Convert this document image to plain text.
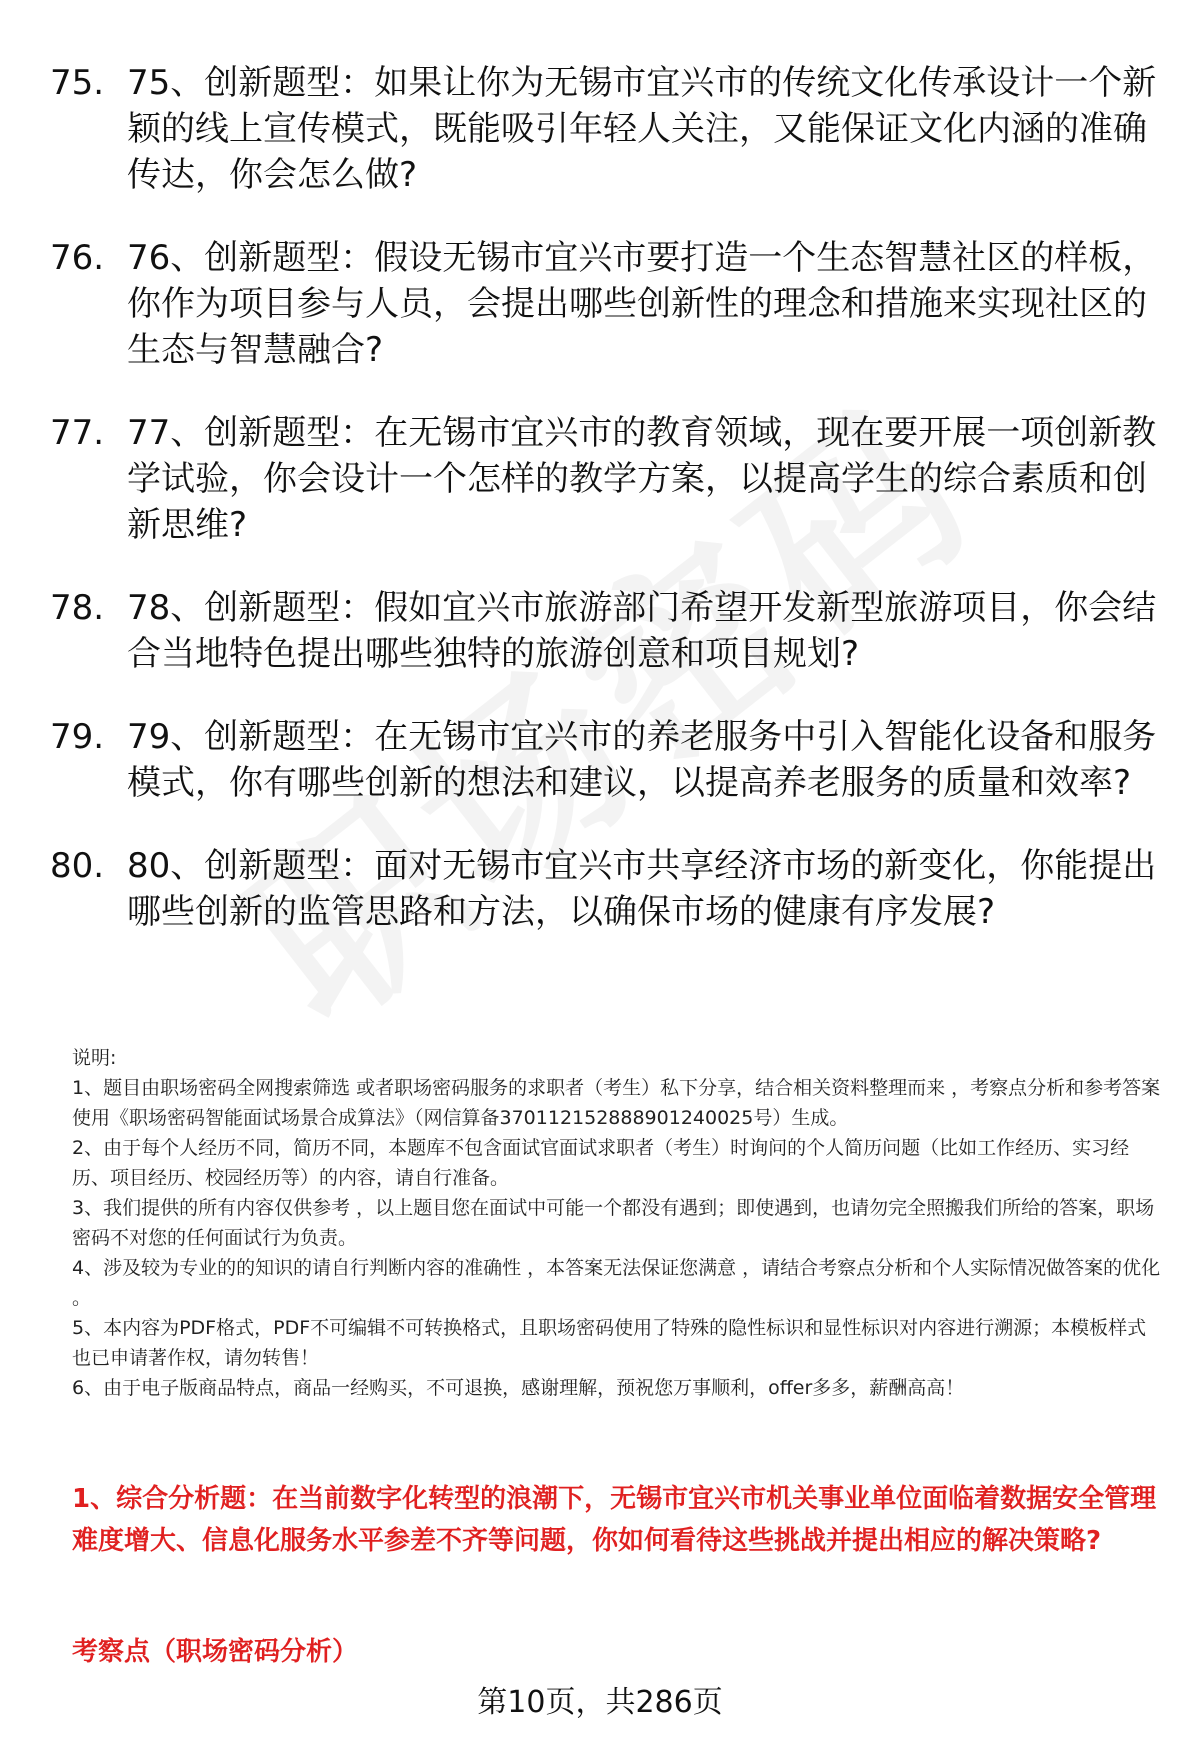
75. 75、创新题型：如果让你为无锡市宜兴市的传统文化传承设计一个新颖的线上宣传模式，既能吸引年轻人关注，又能保证文化内涵的准确传达，你会怎么做?
76. 76、创新题型：假设无锡市宜兴市要打造一个生态智慧社区的样板，你作为项目参与人员，会提出哪些创新性的理念和措施来实现社区的生态与智慧融合?
77. 77、创新题型：在无锡市宜兴市的教育领域，现在要开展一项创新教学试验，你会设计一个怎样的教学方案，以提高学生的综合素质和创新思维?
78. 78、创新题型：假如宜兴市旅游部门希望开发新型旅游项目，你会结合当地特色提出哪些独特的旅游创意和项目规划?
79. 79、创新题型：在无锡市宜兴市的养老服务中引入智能化设备和服务模式，你有哪些创新的想法和建议，以提高养老服务的质量和效率?
80. 80、创新题型：面对无锡市宜兴市共享经济市场的新变化，你能提出哪些创新的监管思路和方法，以确保市场的健康有序发展?

说明:

1、题目由职场密码全网搜索筛选 或者职场密码服务的求职者（考生）私下分享，结合相关资料整理而来 ，考察点分析和参考答案使用《职场密码智能面试场景合成算法》（网信算备370112152888901240025号）生成。

2、由于每个人经历不同，简历不同，本题库不包含面试官面试求职者（考生）时询问的个人简历问题（比如工作经历、实习经历、项目经历、校园经历等）的内容，请自行准备。

3、我们提供的所有内容仅供参考 ，以上题目您在面试中可能一个都没有遇到；即使遇到，也请勿完全照搬我们所给的答案，职场密码不对您的任何面试行为负责。

4、涉及较为专业的的知识的请自行判断内容的准确性 ，本答案无法保证您满意 ，请结合考察点分析和个人实际情况做答案的优化 。

5、本内容为PDF格式，PDF不可编辑不可转换格式，且职场密码使用了特殊的隐性标识和显性标识对内容进行溯源；本模板样式也已申请著作权，请勿转售！

6、由于电子版商品特点，商品一经购买，不可退换，感谢理解，预祝您万事顺利，offer多多，薪酬高高！

1、综合分析题：在当前数字化转型的浪潮下，无锡市宜兴市机关事业单位面临着数据安全管理难度增大、信息化服务水平参差不齐等问题，你如何看待这些挑战并提出相应的解决策略?
考察点（职场密码分析）
第10页，共286页
